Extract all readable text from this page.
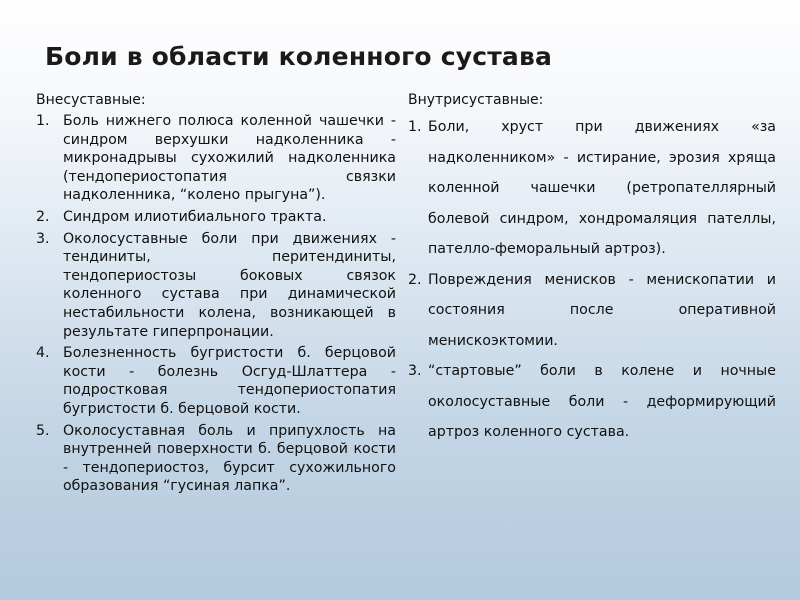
Боли в области коленного сустава
Внесуставные:
1. Боль нижнего полюса коленной чашечки - синдром верхушки надколенника - микронадрывы сухожилий надколенника (тендопериостопатия связки надколенника, “колено прыгуна”).
2. Синдром илиотибиального тракта.
3. Околосуставные боли при движениях - тендиниты, перитендиниты, тендопериостозы боковых связок коленного сустава при динамической нестабильности колена, возникающей в результате гиперпронации.
4. Болезненность бугристости б. берцовой кости - болезнь Осгуд-Шлаттера - подростковая тендопериостопатия бугристости б. берцовой кости.
5. Околосуставная боль и припухлость на внутренней поверхности б. берцовой кости - тендопериостоз, бурсит сухожильного образования “гусиная лапка”.
Внутрисуставные:
1. Боли, хруст при движениях «за надколенником» - истирание, эрозия хряща коленной чашечки (ретропателлярный болевой синдром, хондромаляция пателлы, пателло-феморальный артроз).
2. Повреждения менисков - менископатии и состояния после оперативной менискоэктомии.
3. “стартовые” боли в колене и ночные околосуставные боли - деформирующий артроз коленного сустава.
